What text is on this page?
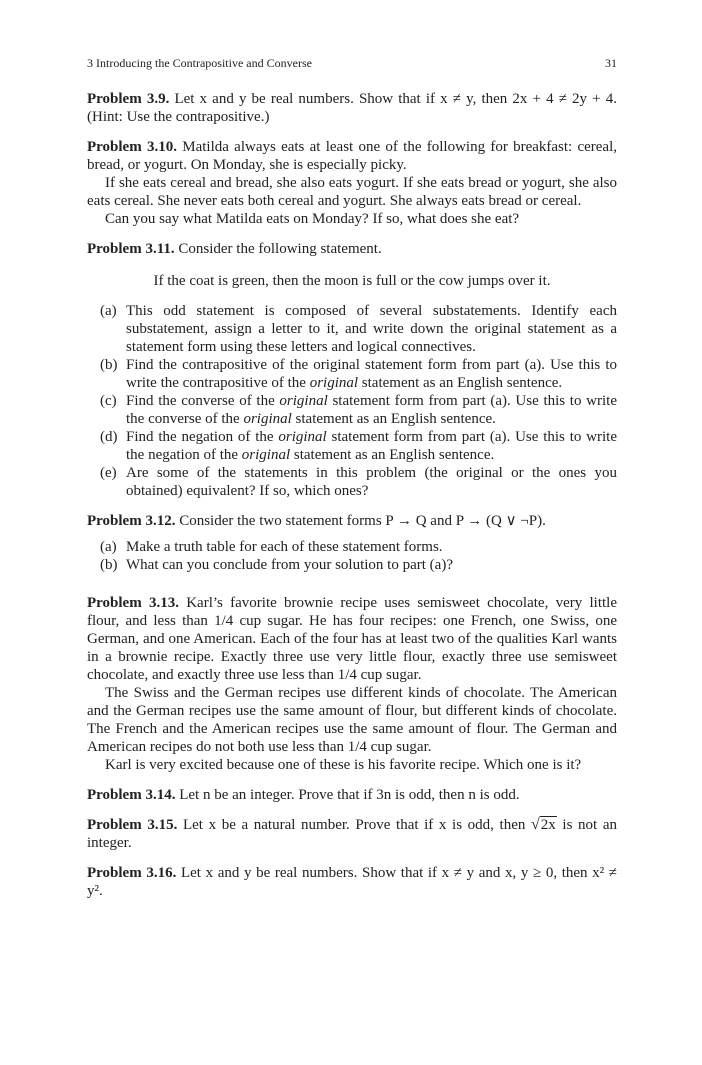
3 Introducing the Contrapositive and Converse	31

Problem 3.9. Let x and y be real numbers. Show that if x ≠ y, then 2x + 4 ≠ 2y + 4. (Hint: Use the contrapositive.)

Problem 3.10. Matilda always eats at least one of the following for breakfast: cereal, bread, or yogurt. On Monday, she is especially picky.

If she eats cereal and bread, she also eats yogurt. If she eats bread or yogurt, she also eats cereal. She never eats both cereal and yogurt. She always eats bread or cereal.

Can you say what Matilda eats on Monday? If so, what does she eat?

Problem 3.11. Consider the following statement.

If the coat is green, then the moon is full or the cow jumps over it.

(a) This odd statement is composed of several substatements. Identify each substatement, assign a letter to it, and write down the original statement as a statement form using these letters and logical connectives.
(b) Find the contrapositive of the original statement form from part (a). Use this to write the contrapositive of the original statement as an English sentence.
(c) Find the converse of the original statement form from part (a). Use this to write the converse of the original statement as an English sentence.
(d) Find the negation of the original statement form from part (a). Use this to write the negation of the original statement as an English sentence.
(e) Are some of the statements in this problem (the original or the ones you obtained) equivalent? If so, which ones?

Problem 3.12. Consider the two statement forms P → Q and P → (Q ∨ ¬P).

(a) Make a truth table for each of these statement forms.
(b) What can you conclude from your solution to part (a)?

Problem 3.13. Karl’s favorite brownie recipe uses semisweet chocolate, very little flour, and less than 1/4 cup sugar. He has four recipes: one French, one Swiss, one German, and one American. Each of the four has at least two of the qualities Karl wants in a brownie recipe. Exactly three use very little flour, exactly three use semisweet chocolate, and exactly three use less than 1/4 cup sugar.

The Swiss and the German recipes use different kinds of chocolate. The American and the German recipes use the same amount of flour, but different kinds of chocolate. The French and the American recipes use the same amount of flour. The German and American recipes do not both use less than 1/4 cup sugar.

Karl is very excited because one of these is his favorite recipe. Which one is it?

Problem 3.14. Let n be an integer. Prove that if 3n is odd, then n is odd.

Problem 3.15. Let x be a natural number. Prove that if x is odd, then √2x is not an integer.

Problem 3.16. Let x and y be real numbers. Show that if x ≠ y and x, y ≥ 0, then x² ≠ y².
